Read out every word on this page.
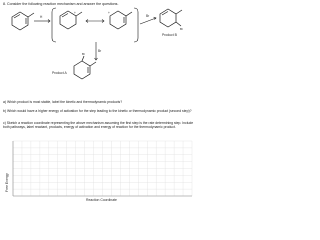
8. Consider the following reaction mechanism and answer the questions.
H
+	+
Br
Br
Product B
Br
Br
Product A
a) Which product is most stable, label the kinetic and thermodynamic products?
b) Which would have a higher energy of activation for the step leading to the kinetic or thermodynamic product (second step)?
c) Sketch a reaction coordinate representing the above mechanism assuming the first step is the rate determining step. Include both pathways, label reactant, products, energy of activation and energy of reaction for the thermodynamic product.
Free Energy
Reaction Coordinate
